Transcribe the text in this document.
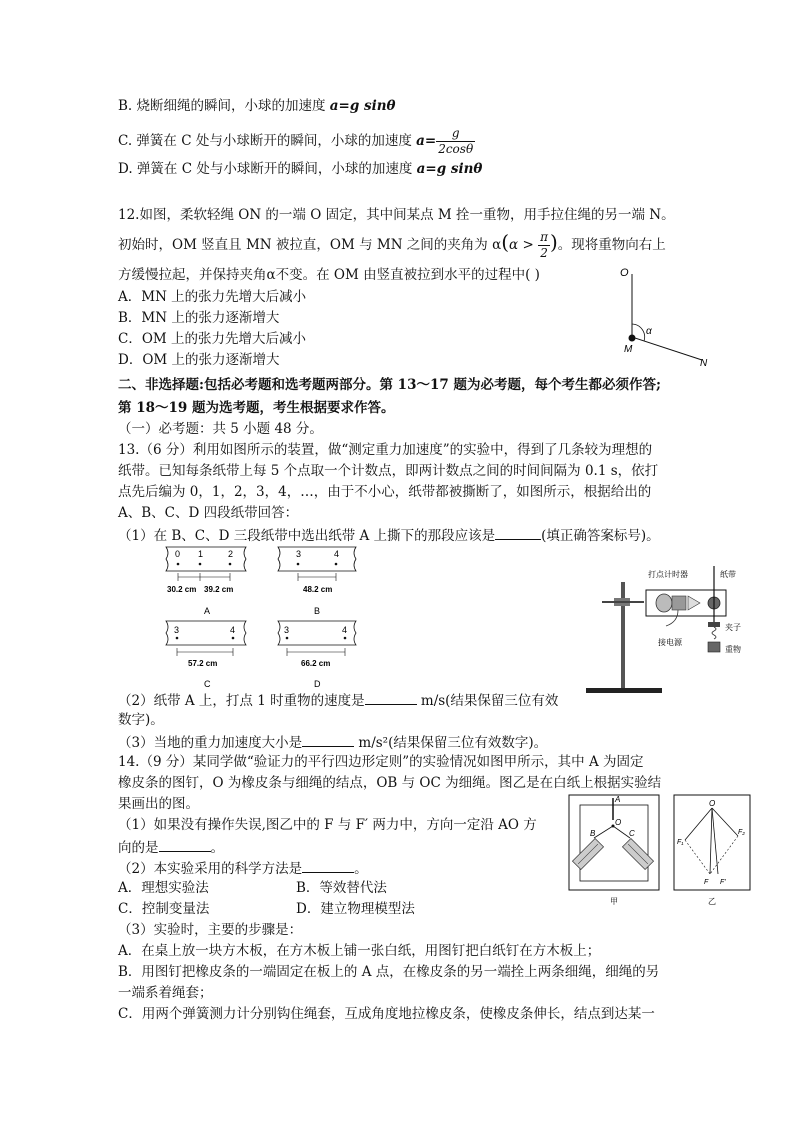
B. 烧断细绳的瞬间，小球的加速度 a=g sinθ
C. 弹簧在 C 处与小球断开的瞬间，小球的加速度 $a= \frac{g}{2\cos\theta}$
D. 弹簧在 C 处与小球断开的瞬间，小球的加速度 a=g sinθ
12.如图，柔软轻绳 ON 的一端 O 固定，其中间某点 M 拴一重物，用手拉住绳的另一端 N。
初始时，OM 竖直且 MN 被拉直，OM 与 MN 之间的夹角为 $\alpha(\alpha > \frac{\pi}{2}$ )。现将重物向右上
方缓慢拉起，并保持夹角α不变。在 OM 由竖直被拉到水平的过程中( )
A．MN 上的张力先增大后减小
B．MN 上的张力逐渐增大
C．OM 上的张力先增大后减小
D．OM 上的张力逐渐增大
O
α
M
N
二、非选择题:包括必考题和选考题两部分。第 13～17 题为必考题，每个考生都必须作答;
第 18～19 题为选考题，考生根据要求作答。
（一）必考题：共 5 小题 48 分。
13.（6 分）利用如图所示的装置，做“测定重力加速度”的实验中，得到了几条较为理想的
纸带。已知每条纸带上每 5 个点取一个计数点，即两计数点之间的时间间隔为 0.1 s，依打
点先后编为 0，1，2，3，4，…，由于不小心，纸带都被撕断了，如图所示，根据给出的
A、B、C、D 四段纸带回答：
（1）在 B、C、D 三段纸带中选出纸带 A 上撕下的那段应该是	(填正确答案标号)。
0 1	2
30.2 cm 39.2 cm
A
3	4
48.2 cm
B
3	4
57.2 cm
C
3	4
66.2 cm
D
打点计时器	纸带
接电源
夹子
重物
（2）纸带 A 上，打点 1 时重物的速度是	m/s(结果保留三位有效
数字)。
（3）当地的重力加速度大小是	m/s²(结果保留三位有效数字)。
14.（9 分）某同学做“验证力的平行四边形定则”的实验情况如图甲所示，其中 A 为固定
橡皮条的图钉，O 为橡皮条与细绳的结点，OB 与 OC 为细绳。图乙是在白纸上根据实验结
果画出的图。
（1）如果没有操作失误,图乙中的 F 与 F′ 两力中，方向一定沿 AO 方
向的是	。
（2）本实验采用的科学方法是	。
A．理想实验法	B．等效替代法
C．控制变量法	D．建立物理模型法
（3）实验时，主要的步骤是：
A．在桌上放一块方木板，在方木板上铺一张白纸，用图钉把白纸钉在方木板上；
B．用图钉把橡皮条的一端固定在板上的 A 点，在橡皮条的另一端拴上两条细绳，细绳的另
一端系着绳套；
C．用两个弹簧测力计分别钩住绳套，互成角度地拉橡皮条，使橡皮条伸长，结点到达某一
A
O
B	C
甲
O
F₁
F₂
F F′
乙
